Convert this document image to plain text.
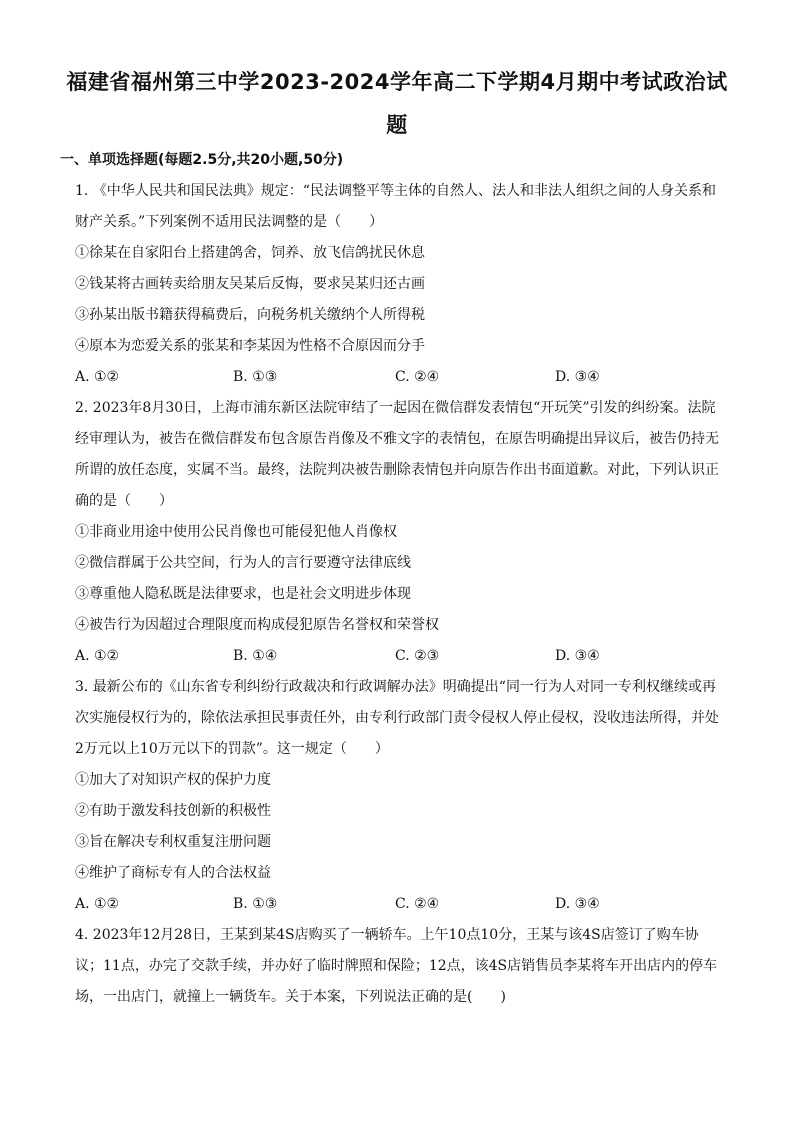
福建省福州第三中学2023-2024学年高二下学期4月期中考试政治试
题
一、单项选择题(每题2.5分,共20小题,50分)
1. 《中华人民共和国民法典》规定：“民法调整平等主体的自然人、法人和非法人组织之间的人身关系和
财产关系。”下列案例不适用民法调整的是（　　）
①徐某在自家阳台上搭建鸽舍，饲养、放飞信鸽扰民休息
②钱某将古画转卖给朋友吴某后反悔，要求吴某归还古画
③孙某出版书籍获得稿费后，向税务机关缴纳个人所得税
④原本为恋爱关系的张某和李某因为性格不合原因而分手
A. ①②	B. ①③	C. ②④	D. ③④
2. 2023年8月30日，上海市浦东新区法院审结了一起因在微信群发表情包“开玩笑”引发的纠纷案。法院
经审理认为，被告在微信群发布包含原告肖像及不雅文字的表情包，在原告明确提出异议后，被告仍持无
所谓的放任态度，实属不当。最终，法院判决被告删除表情包并向原告作出书面道歉。对此，下列认识正
确的是（　　）
①非商业用途中使用公民肖像也可能侵犯他人肖像权
②微信群属于公共空间，行为人的言行要遵守法律底线
③尊重他人隐私既是法律要求，也是社会文明进步体现
④被告行为因超过合理限度而构成侵犯原告名誉权和荣誉权
A. ①②	B. ①④	C. ②③	D. ③④
3. 最新公布的《山东省专利纠纷行政裁决和行政调解办法》明确提出“同一行为人对同一专利权继续或再
次实施侵权行为的，除依法承担民事责任外，由专利行政部门责令侵权人停止侵权，没收违法所得，并处
2万元以上10万元以下的罚款”。这一规定（　　）
①加大了对知识产权的保护力度
②有助于激发科技创新的积极性
③旨在解决专利权重复注册问题
④维护了商标专有人的合法权益
A. ①②	B. ①③	C. ②④	D. ③④
4. 2023年12月28日，王某到某4S店购买了一辆轿车。上午10点10分，王某与该4S店签订了购车协
议；11点，办完了交款手续，并办好了临时牌照和保险；12点，该4S店销售员李某将车开出店内的停车
场，一出店门，就撞上一辆货车。关于本案，下列说法正确的是(　　)
